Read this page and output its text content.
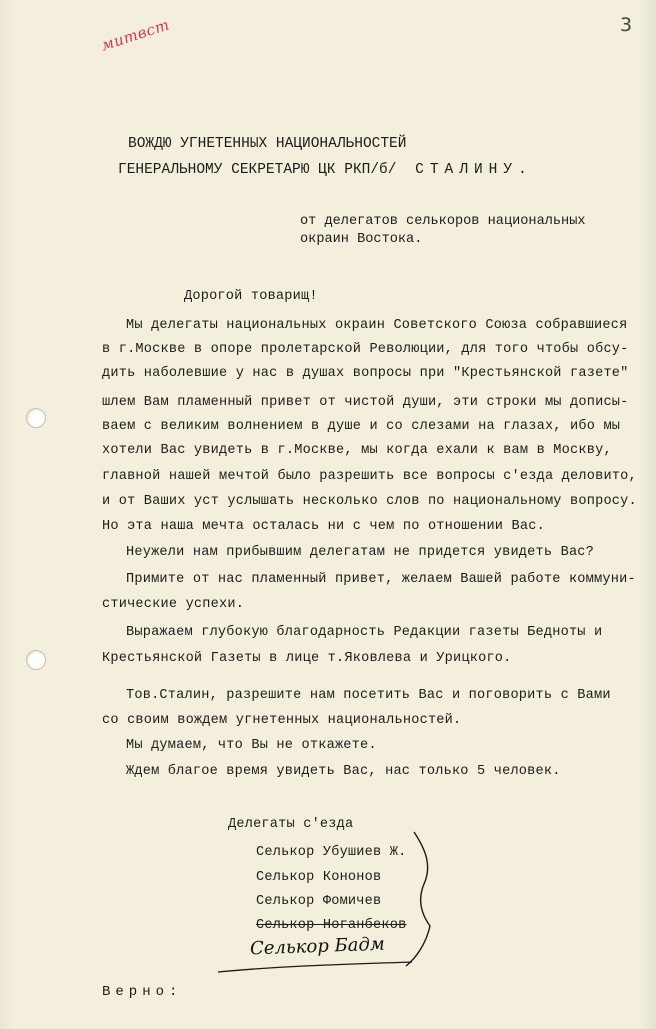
3
митвст
ВОЖДЮ УГНЕТЕННЫХ НАЦИОНАЛЬНОСТЕЙ
ГЕНЕРАЛЬНОМУ СЕКРЕТАРЮ ЦК РКП/б/ СТАЛИНУ.
от делегатов селькоров национальных
окраин Востока.
Дорогой товарищ!
Мы делегаты национальных окраин Советского Союза собравшиеся
в г.Москве в опоре пролетарской Революции, для того чтобы обсу-
дить наболевшие у нас в душах вопросы при "Крестьянской газете"
шлем Вам пламенный привет от чистой души, эти строки мы дописы-
ваем с великим волнением в душе и со слезами на глазах, ибо мы
хотели Вас увидеть в г.Москве, мы когда ехали к вам в Москву,
главной нашей мечтой было разрешить все вопросы с'езда деловито,
и от Ваших уст услышать несколько слов по национальному вопросу.
Но эта наша мечта осталась ни с чем по отношении Вас.
Неужели нам прибывшим делегатам не придется увидеть Вас?
Примите от нас пламенный привет, желаем Вашей работе коммуни-
стические успехи.
Выражаем глубокую благодарность Редакции газеты Бедноты и
Крестьянской Газеты в лице т.Яковлева и Урицкого.
Тов.Сталин, разрешите нам посетить Вас и поговорить с Вами
со своим вождем угнетенных национальностей.
Мы думаем, что Вы не откажете.
Ждем благое время увидеть Вас, нас только 5 человек.
Делегаты с'езда
Селькор Убушиев Ж.
Селькор Кононов
Селькор Фомичев
Селькор Ноганбеков
Селькор Бадм
Верно:
